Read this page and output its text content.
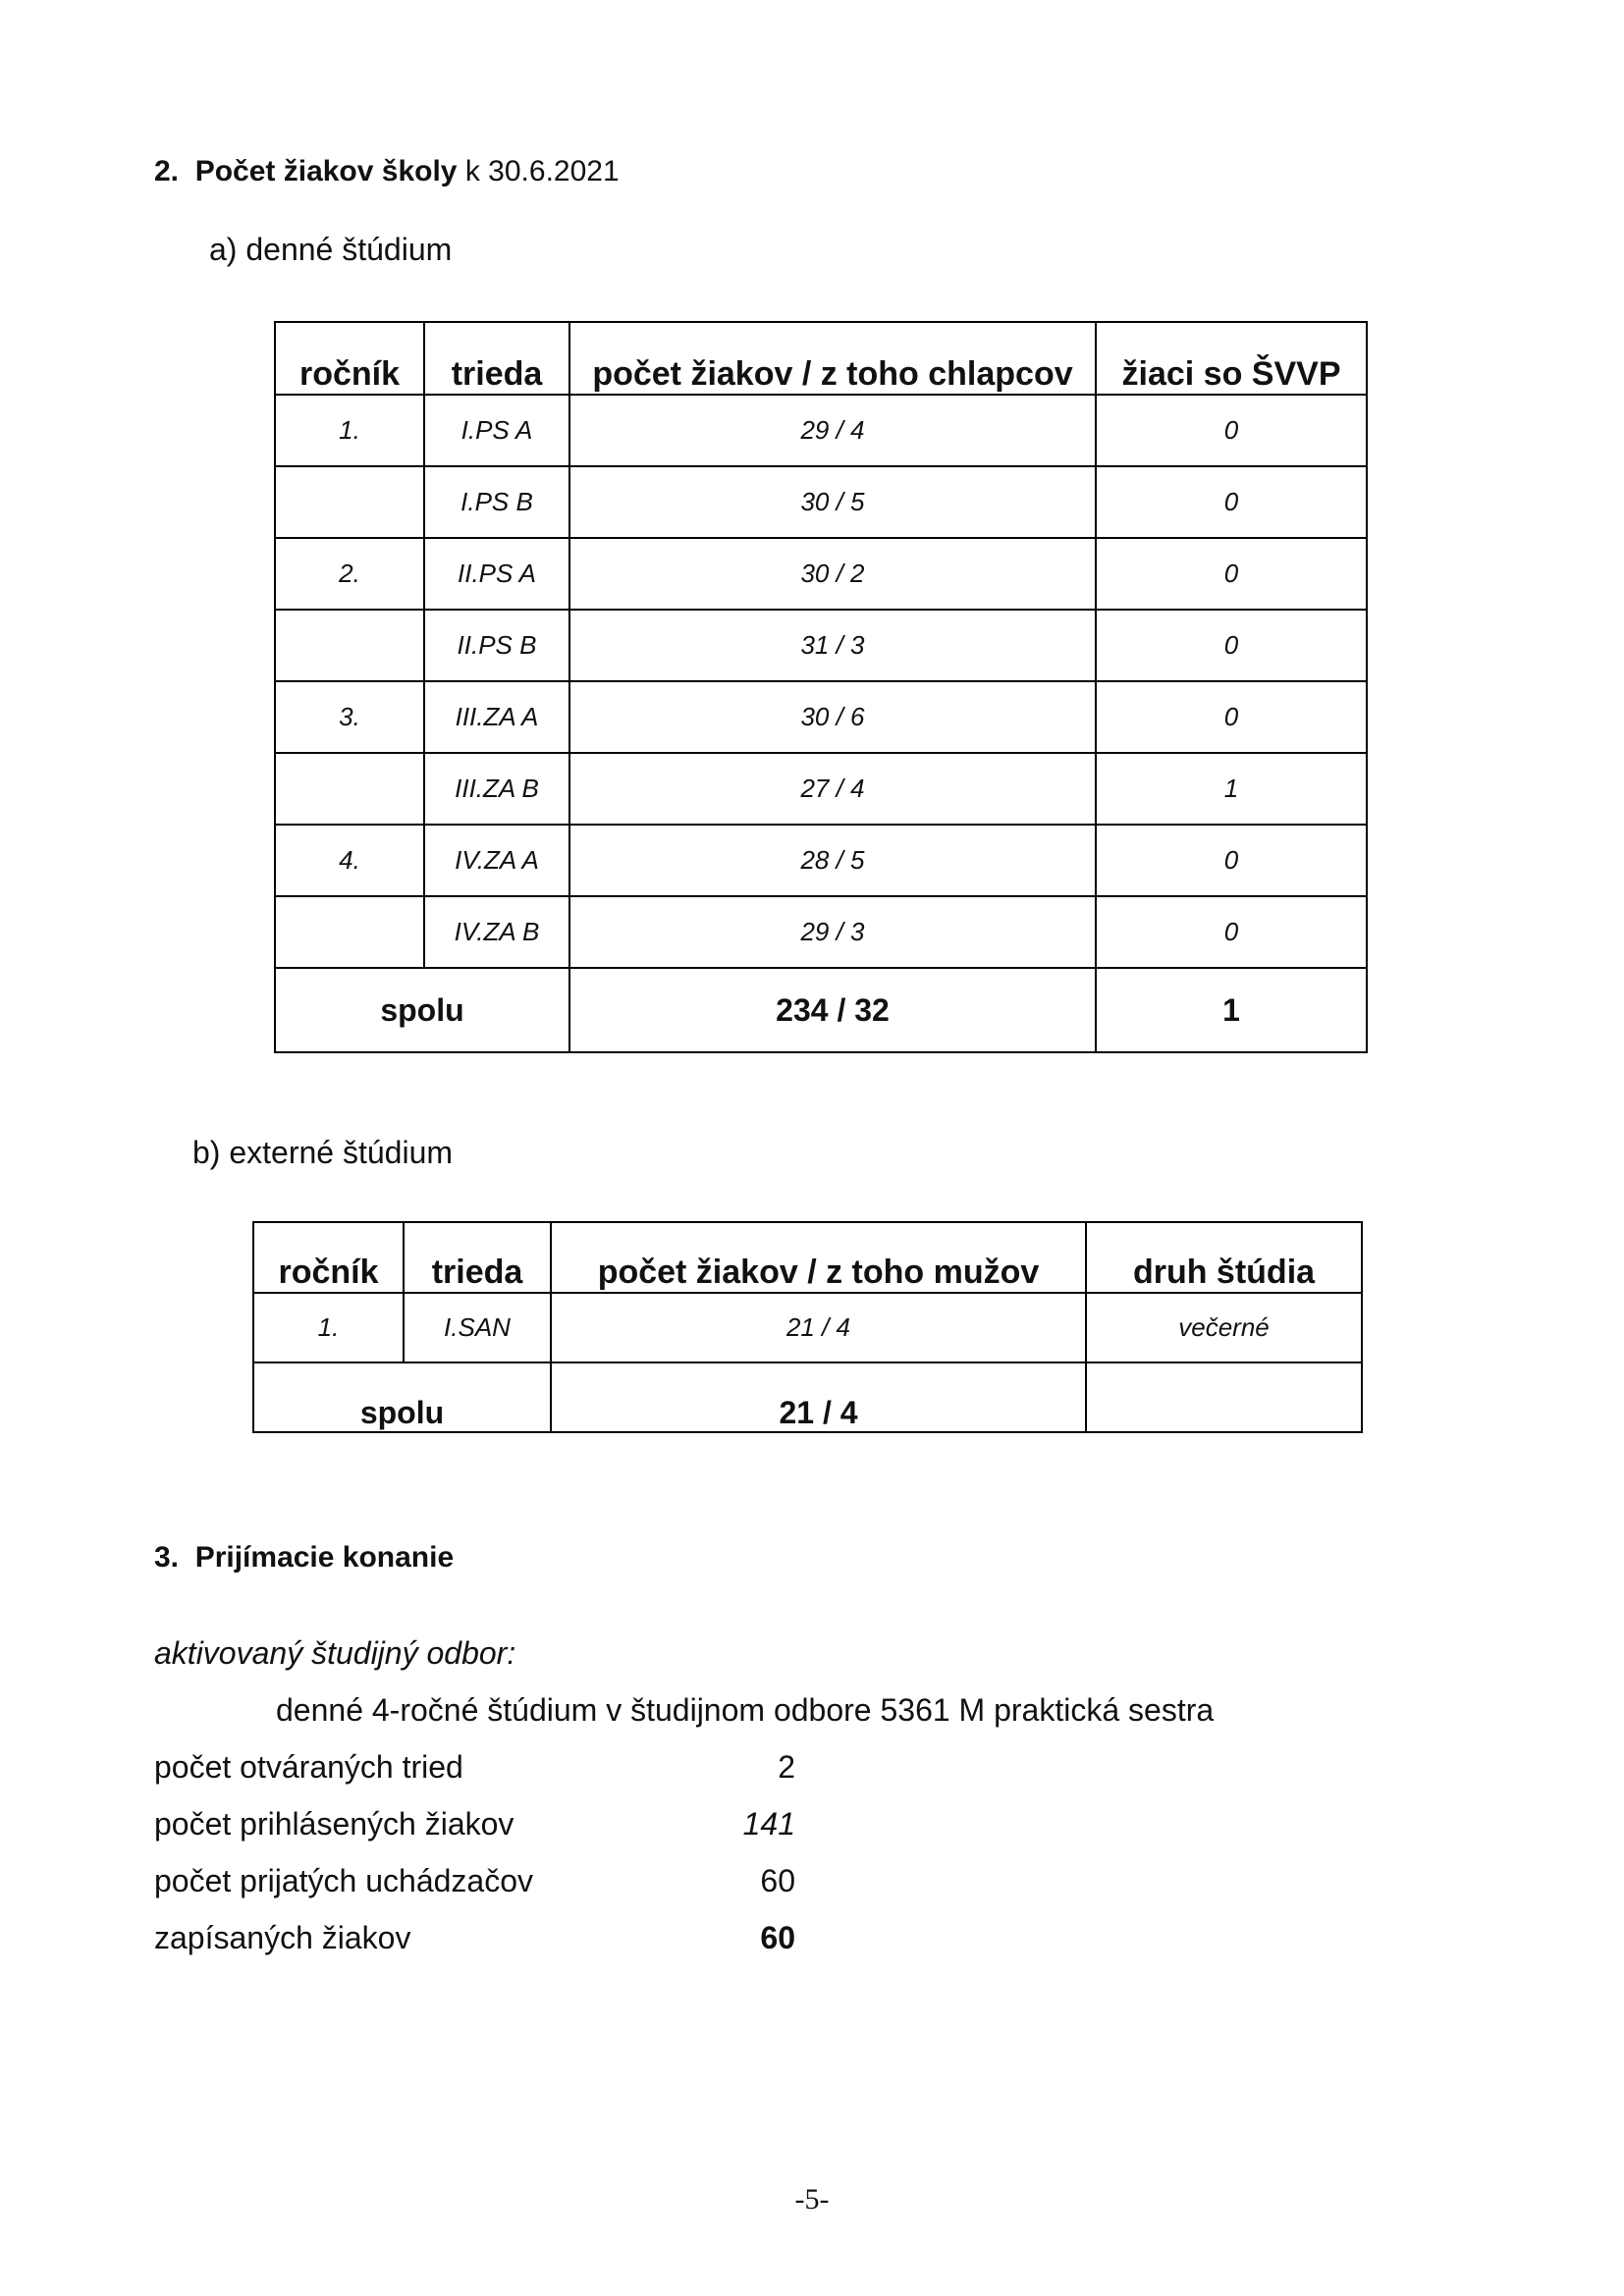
2. Počet žiakov školy k 30.6.2021
a) denné štúdium
ročník	trieda	počet žiakov / z toho chlapcov	žiaci so ŠVVP
1.	I.PS A	29 / 4	0
	I.PS B	30 / 5	0
2.	II.PS A	30 / 2	0
	II.PS B	31 / 3	0
3.	III.ZA A	30 / 6	0
	III.ZA B	27 / 4	1
4.	IV.ZA A	28 / 5	0
	IV.ZA B	29 / 3	0
spolu		234 / 32	1
b) externé štúdium
ročník	trieda	počet žiakov / z toho mužov	druh štúdia
1.	I.SAN	21 / 4	večerné
spolu		21 / 4	
3. Prijímacie konanie
aktivovaný študijný odbor:
denné 4-ročné štúdium v študijnom odbore 5361 M praktická sestra
počet otváraných tried	2
počet prihlásených žiakov	141
počet prijatých uchádzačov	60
zapísaných žiakov	60
-5-
